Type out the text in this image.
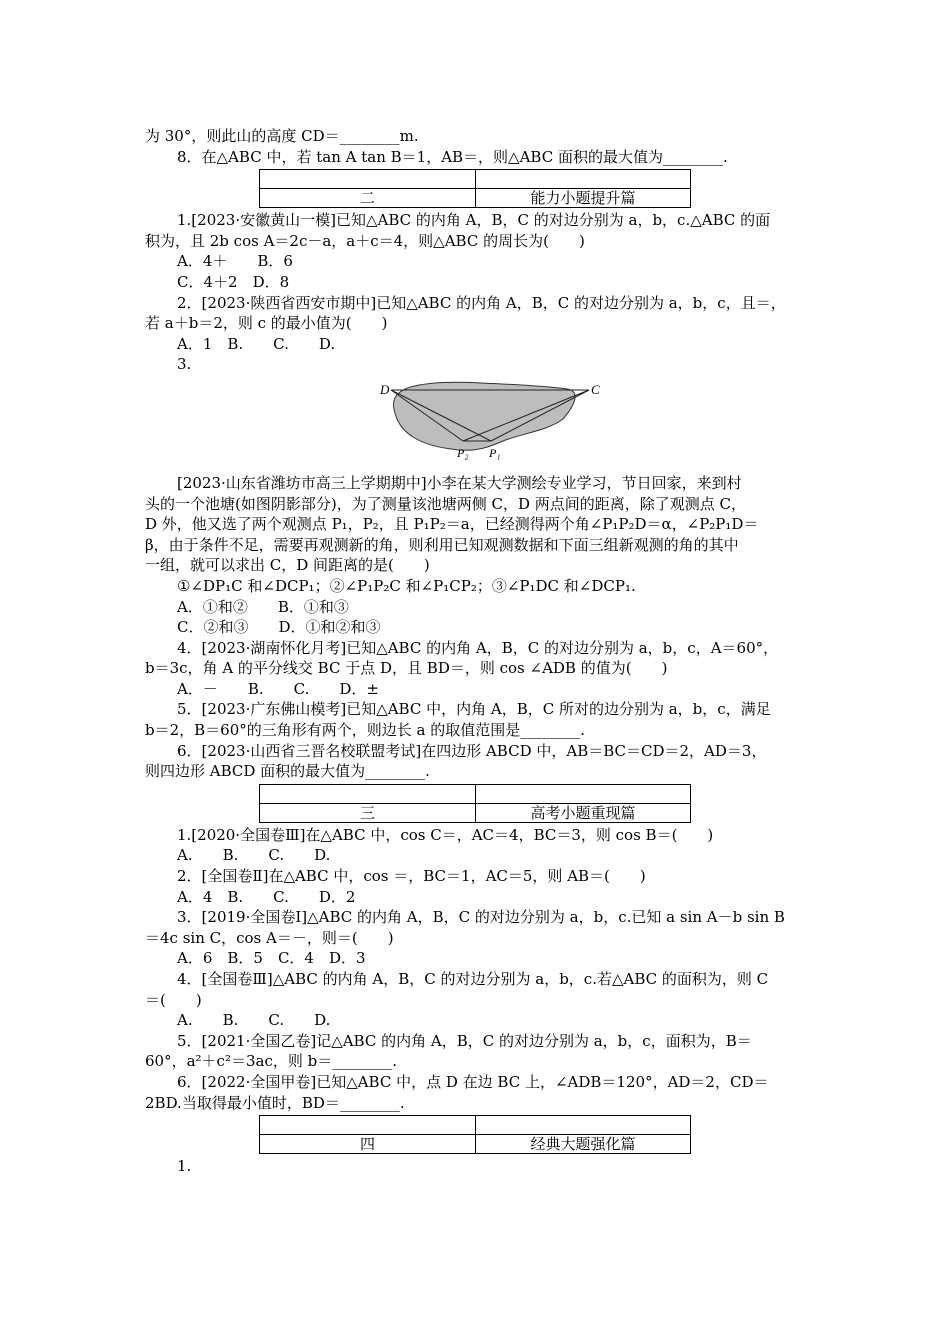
为 30°，则此山的高度 CD＝________m.
8．在△ABC 中，若 tan A tan B＝1，AB＝，则△ABC 面积的最大值为________.

二	能力小题提升篇
1.[2023·安徽黄山一模]已知△ABC 的内角 A，B，C 的对边分别为 a，b，c.△ABC 的面
积为，且 2b cos A＝2c－a，a＋c＝4，则△ABC 的周长为(　　)
A．4＋　　B．6
C．4＋2　D．8
2．[2023·陕西省西安市期中]已知△ABC 的内角 A，B，C 的对边分别为 a，b，c，且＝，
若 a＋b＝2，则 c 的最小值为(　　)
A．1　B.　　C.　　D.
3.
D	C
P₂ P₁
[2023·山东省潍坊市高三上学期期中]小李在某大学测绘专业学习，节日回家，来到村
头的一个池塘(如图阴影部分)，为了测量该池塘两侧 C，D 两点间的距离，除了观测点 C，
D 外，他又选了两个观测点 P₁，P₂，且 P₁P₂＝a，已经测得两个角∠P₁P₂D＝α，∠P₂P₁D＝
β，由于条件不足，需要再观测新的角，则利用已知观测数据和下面三组新观测的角的其中
一组，就可以求出 C，D 间距离的是(　　)
①∠DP₁C 和∠DCP₁；②∠P₁P₂C 和∠P₁CP₂；③∠P₁DC 和∠DCP₁.
A．①和②　　B．①和③
C．②和③　　D．①和②和③
4．[2023·湖南怀化月考]已知△ABC 的内角 A，B，C 的对边分别为 a，b，c，A＝60°，
b＝3c，角 A 的平分线交 BC 于点 D，且 BD＝，则 cos ∠ADB 的值为(　　)
A．－　　B.　　C.　　D．±
5．[2023·广东佛山模考]已知△ABC 中，内角 A，B，C 所对的边分别为 a，b，c，满足
b＝2，B＝60°的三角形有两个，则边长 a 的取值范围是________.
6．[2023·山西省三晋名校联盟考试]在四边形 ABCD 中，AB＝BC＝CD＝2，AD＝3，
则四边形 ABCD 面积的最大值为________.

三	高考小题重现篇
1.[2020·全国卷Ⅲ]在△ABC 中，cos C＝，AC＝4，BC＝3，则 cos B＝(　　)
A.　　B.　　C.　　D.
2．[全国卷Ⅱ]在△ABC 中，cos ＝，BC＝1，AC＝5，则 AB＝(　　)
A．4　B.　　C.　　D．2
3．[2019·全国卷Ⅰ]△ABC 的内角 A，B，C 的对边分别为 a，b，c.已知 a sin A－b sin B
＝4c sin C，cos A＝－，则＝(　　)
A．6　B．5　C．4　D．3
4．[全国卷Ⅲ]△ABC 的内角 A，B，C 的对边分别为 a，b，c.若△ABC 的面积为，则 C
＝(　　)
A.　　B.　　C.　　D.
5．[2021·全国乙卷]记△ABC 的内角 A，B，C 的对边分别为 a，b，c，面积为，B＝
60°，a²＋c²＝3ac，则 b＝________.
6．[2022·全国甲卷]已知△ABC 中，点 D 在边 BC 上，∠ADB＝120°，AD＝2，CD＝
2BD.当取得最小值时，BD＝________.

四	经典大题强化篇
1.
